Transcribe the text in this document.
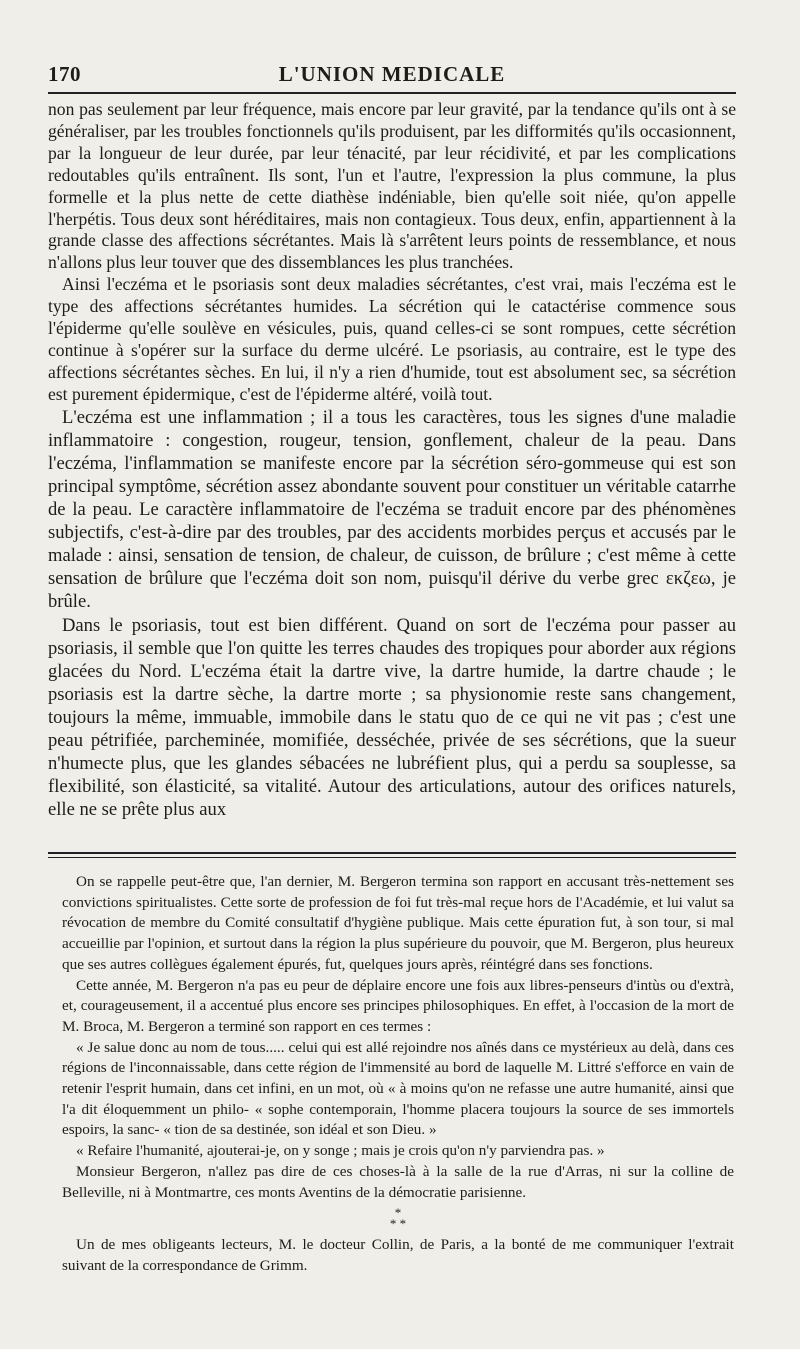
170	L'UNION MEDICALE

non pas seulement par leur fréquence, mais encore par leur gravité, par la tendance qu'ils ont à se généraliser, par les troubles fonctionnels qu'ils produisent, par les difformités qu'ils occasionnent, par la longueur de leur durée, par leur ténacité, par leur récidivité, et par les complications redoutables qu'ils entraînent. Ils sont, l'un et l'autre, l'expression la plus commune, la plus formelle et la plus nette de cette diathèse indéniable, bien qu'elle soit niée, qu'on appelle l'herpétis. Tous deux sont héréditaires, mais non contagieux. Tous deux, enfin, appartiennent à la grande classe des affections sécrétantes. Mais là s'arrêtent leurs points de ressemblance, et nous n'allons plus leur touver que des dissemblances les plus tranchées.

Ainsi l'eczéma et le psoriasis sont deux maladies sécrétantes, c'est vrai, mais l'eczéma est le type des affections sécrétantes humides. La sécrétion qui le catactérise commence sous l'épiderme qu'elle soulève en vésicules, puis, quand celles-ci se sont rompues, cette sécrétion continue à s'opérer sur la surface du derme ulcéré. Le psoriasis, au contraire, est le type des affections sécrétantes sèches. En lui, il n'y a rien d'humide, tout est absolument sec, sa sécrétion est purement épidermique, c'est de l'épiderme altéré, voilà tout.

L'eczéma est une inflammation ; il a tous les caractères, tous les signes d'une maladie inflammatoire : congestion, rougeur, tension, gonflement, chaleur de la peau. Dans l'eczéma, l'inflammation se manifeste encore par la sécrétion séro-gommeuse qui est son principal symptôme, sécrétion assez abondante souvent pour constituer un véritable catarrhe de la peau. Le caractère inflammatoire de l'eczéma se traduit encore par des phénomènes subjectifs, c'est-à-dire par des troubles, par des accidents morbides perçus et accusés par le malade : ainsi, sensation de tension, de chaleur, de cuisson, de brûlure ; c'est même à cette sensation de brûlure que l'eczéma doit son nom, puisqu'il dérive du verbe grec εκζεω, je brûle.

Dans le psoriasis, tout est bien différent. Quand on sort de l'eczéma pour passer au psoriasis, il semble que l'on quitte les terres chaudes des tropiques pour aborder aux régions glacées du Nord. L'eczéma était la dartre vive, la dartre humide, la dartre chaude ; le psoriasis est la dartre sèche, la dartre morte ; sa physionomie reste sans changement, toujours la même, immuable, immobile dans le statu quo de ce qui ne vit pas ; c'est une peau pétrifiée, parcheminée, momifiée, desséchée, privée de ses sécrétions, que la sueur n'humecte plus, que les glandes sébacées ne lubréfient plus, qui a perdu sa souplesse, sa flexibilité, son élasticité, sa vitalité. Autour des articulations, autour des orifices naturels, elle ne se prête plus aux

On se rappelle peut-être que, l'an dernier, M. Bergeron termina son rapport en accusant très-nettement ses convictions spiritualistes. Cette sorte de profession de foi fut très-mal reçue hors de l'Académie, et lui valut sa révocation de membre du Comité consultatif d'hygiène publique. Mais cette épuration fut, à son tour, si mal accueillie par l'opinion, et surtout dans la région la plus supérieure du pouvoir, que M. Bergeron, plus heureux que ses autres collègues également épurés, fut, quelques jours après, réintégré dans ses fonctions.

Cette année, M. Bergeron n'a pas eu peur de déplaire encore une fois aux libres-penseurs d'intùs ou d'extrà, et, courageusement, il a accentué plus encore ses principes philosophiques. En effet, à l'occasion de la mort de M. Broca, M. Bergeron a terminé son rapport en ces termes :

« Je salue donc au nom de tous..... celui qui est allé rejoindre nos aînés dans ce mystérieux au delà, dans ces régions de l'inconnaissable, dans cette région de l'immensité au bord de laquelle M. Littré s'efforce en vain de retenir l'esprit humain, dans cet infini, en un mot, où « à moins qu'on ne refasse une autre humanité, ainsi que l'a dit éloquemment un philo- « sophe contemporain, l'homme placera toujours la source de ses immortels espoirs, la sanc- « tion de sa destinée, son idéal et son Dieu. »

« Refaire l'humanité, ajouterai-je, on y songe ; mais je crois qu'on n'y parviendra pas. »

Monsieur Bergeron, n'allez pas dire de ces choses-là à la salle de la rue d'Arras, ni sur la colline de Belleville, ni à Montmartre, ces monts Aventins de la démocratie parisienne.

*
* *

Un de mes obligeants lecteurs, M. le docteur Collin, de Paris, a la bonté de me communiquer l'extrait suivant de la correspondance de Grimm.
